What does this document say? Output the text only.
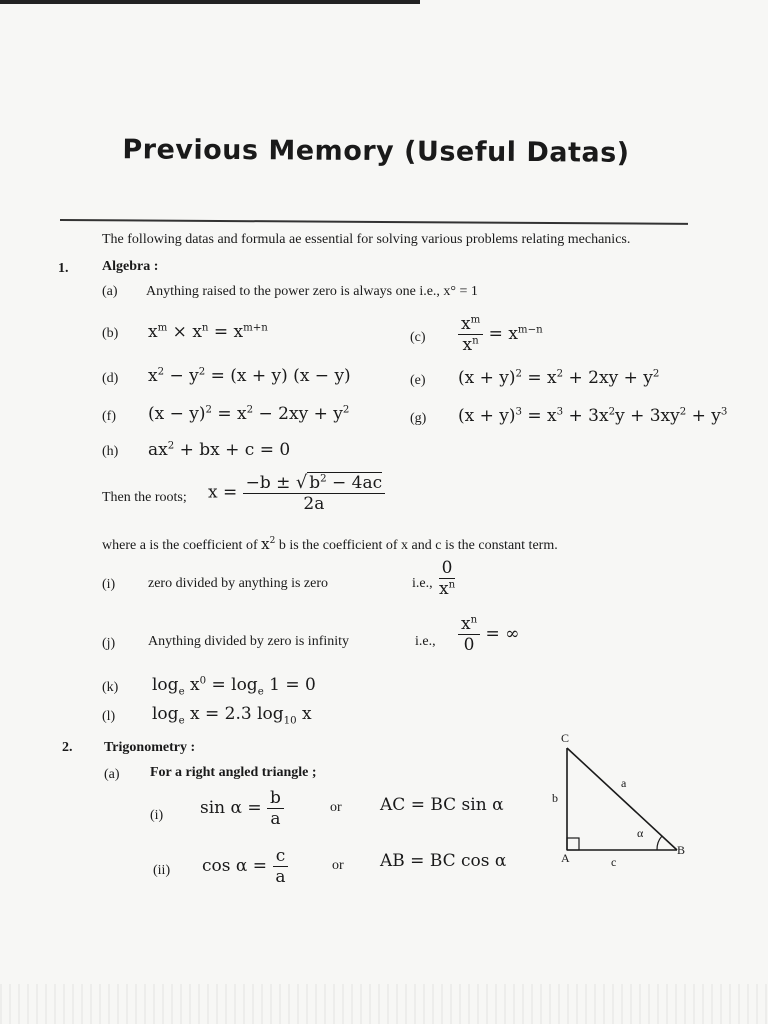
Previous Memory (Useful Datas)
The following datas and formula ae essential for solving various problems relating mechanics.
1. Algebra :
(a) Anything raised to the power zero is always one i.e., x° = 1
(b) $x^m \times x^n = x^{m+n}$
$(c) \frac{x^m}{x^n} = x^{m-n}$
(d) $x^2 - y^2 = (x + y) (x - y)$	(e) $(x + y)^2 = x^2 + 2xy + y^2$
(f) $(x - y)^2 = x^2 - 2xy + y^2$
(g) $(x + y)^3 = x^3 + 3x^2y + 3xy^2 + y^3$
(h) $ax^2$ + bx + c = 0
Then the roots; $x = \frac{-b \pm √ b^2 - 4ac}{2a}$
where a is the coefficient of $x^2$ b is the coefficient of x and c is the constant term.
(i) zero divided by anything is zero	i.e., $\frac{0}{x^n}$
(j) Anything divided by zero is infinity	i.e., $\frac{x^n}{0}$ = ∞
(k) $\log_e x^0 = \log_e 1 = 0$
(l) $\log_e x = 2.3$ $\log_{10} x$
2. Trigonometry :
(a) For a right angled triangle ;
(i) $\sin \alpha = \frac{b}{a}$	or AC = BC sin α
(ii) $\cos \alpha = \frac{c}{a}$	or AB = BC cos α
C
A
B
a
b
c
α
